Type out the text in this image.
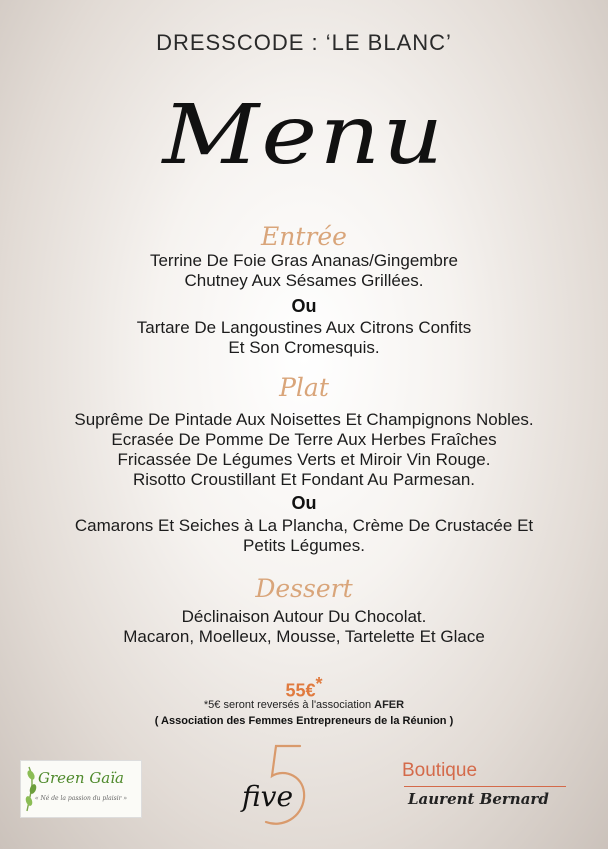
DRESSCODE : ‘LE BLANC’
Menu
Entrée
Terrine De Foie Gras Ananas/Gingembre
Chutney Aux Sésames Grillées.
Ou
Tartare De Langoustines Aux Citrons Confits
Et Son Cromesquis.
Plat
Suprême De Pintade Aux Noisettes Et Champignons Nobles.
Ecrasée De Pomme De Terre Aux Herbes Fraîches
Fricassée De Légumes Verts et Miroir Vin Rouge.
Risotto Croustillant Et Fondant Au Parmesan.
Ou
Camarons Et Seiches à La Plancha, Crème De Crustacée Et
Petits Légumes.
Dessert
Déclinaison Autour Du Chocolat.
Macaron, Moelleux, Mousse, Tartelette Et Glace
55€*
*5€ seront reversés à l'association AFER
( Association des Femmes Entrepreneurs de la Réunion )
Green Gaïa
« Né de la passion du plaisir »	five
Boutique
Laurent Bernard
